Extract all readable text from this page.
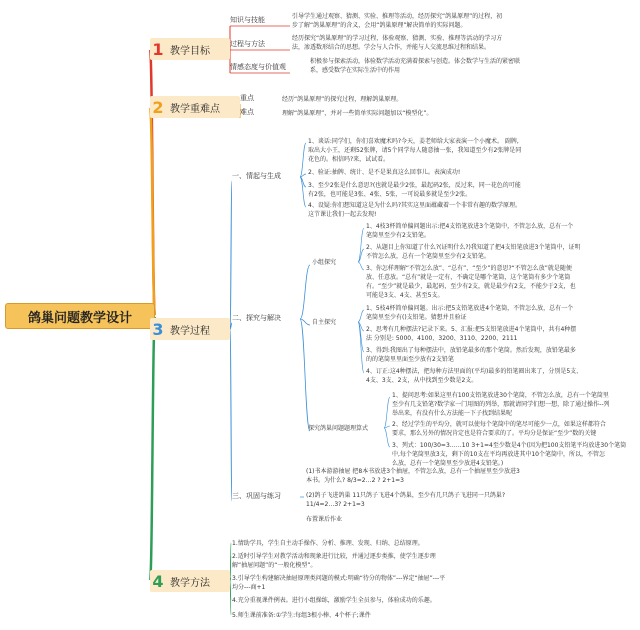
鸽巢问题教学设计
1 教学目标
2 教学重难点
3 教学过程
4 教学方法
知识与技能	引导学生通过观察、猜测、实验、推理等活动，经历探究“鸽巢原理”的过程，初
步了解“鸽巢原理”的含义，会用“鸽巢原理”解决简单的实际问题。
过程与方法
经历探究“鸽巢原理”的学习过程，体验观察、猜测、实验、推理等活动的学习方
法，渗透数形结合的思想。学会与人合作，并能与人交流思维过程和结果。
情感态度与价值观
积极参与探索活动，体验数学活动充满着探索与创造。体会数学与生活的紧密联
系，感受数学在实际生活中的作用
重点	经历“鸽巢原理”的探究过程，理解鸽巢原理。
难点	理解“鸽巢原理”，并对一些简单实际问题加以“模型化”。
一、情起与生成
1、谈话:同学们，你们喜欢魔术吗?今天，姜老师给大家表演一个小魔术。 副牌,
取出大小王，还剩52张牌，请5个同学每人随意抽一张，我知道至少有2张牌是同
花色的。相信吗?来，试试看。
2、验证:抽牌、统计、是不是果真这么回事儿。表演成功!
3、至少2张是什么意思?(也就是最少2张，最起码2张，反过来，同一花色的可能
有2张，也可能是3张、4张、5张，一可说最多就是至少2张。
4、设疑:你们想知道这是为什么吗?其实这里面蕴藏着一个非常有趣的数学原理。
这节课让我们一起去发现!
二、探究与解决
小组探究
1、4枝3杯简单偏问题出示:把4支铅笔放进3个笔筒中，不管怎么放，总有一个
笔筒里至少有2支铅笔。
2、从题目上你知道了什么?(证明什么?)我知道了把4支铅笔放进3个笔筒中，证明
不管怎么放，总有一个笔筒里至少有2支铅笔。
3、你怎样理解“不管怎么放”、“总有”、“至少”的意思?“不管怎么放”就是随便
放、任意放。“总有”就是一定有，不确定是哪个笔筒，这个笔筒有多少个笔筒
有。“至少”就是最少，最起码，至少有2支，就是最少有2支，不能少于2支，也
可能是3支、4支、甚至5支。
自主探究
1、5枝4杯简单偏问题。出示:把5支铅笔放进4个笔筒，不管怎么放，总有一个
笔筒里至少有()支铅笔。猜想并且验证
2、思考有几种摆法?记录下来。5、汇报:把5支铅笔放进4个笔筒中，共有4种摆
法 分别是: 5000、4100、3200、3110、2200、2111
3、得到:我图出了每种摆法中，放铅笔最多的那个笔筒。然后发现，放铅笔最多
的的笔筒里里面至少放有2支铅笔
4、订正:这4种摆法，把每种方法里面的(平均)最多的铅笔圈出来了，分别是5支、
4支、3支、2支，从中找到至少数是2支。
探究鸽巢问题题理算式
1、提问思考:如果这里有100支铅笔放进30个笔筒，不管怎么放，总有一个笔筒里
至少有几支铅笔?数学家一门用图的列举，那就请同学们想一想，除了通过操作--列
举出来，有没有什么方法能一下子找到结果呢
2、经过学生的平均分，就可以使每个笔筒中的笔尽可能少一点，如果这样都符合
要求，那么另外的情况肯定也是符合要求的了。平均分是保证“至少”数的关键
3、列式：100/30=3……10 3+1=4至少数是4个(因为把100支铅笔平均放进30个笔筒
中,每个笔筒里放3支，剩下的10支在平均再放进其中10个笔筒中，所以，不管怎
么放，总有一个笔筒里至少放进4支铅笔。)
三、巩固与练习
(1)书本游游抽屉 把8本书放进3个抽屉，不管怎么放，总有一个抽屉里至少放进3
本书。为什么? 8/3=2…2 ? 2+1=3
(2)鸽子飞进鸽巢 11只鸽子飞进4个鸽巢，至少有几只鸽子飞进同一只鸽巢?
11/4=2…3? 2+1=3
布置课后作业
1.情助学具，学生自主动手操作、分析、推理、发现、归纳、总结原理。
2.适时引导学生对教学活动和现象进行比较，并通过逐步类推，使学生逐步理
解“抽屉问题”的“一般化模型”。
3.引导学生构建解决抽屉原理类问题的模式:明确“待分的物体”---界定“抽屉”---平
均分---商+1
4.充分重视课件例表。进行小组操练，激励学生全员参与，体验成功的乐趣。
5.师生课前准备:①学生:每组3根小棒、4个杯子;课件
